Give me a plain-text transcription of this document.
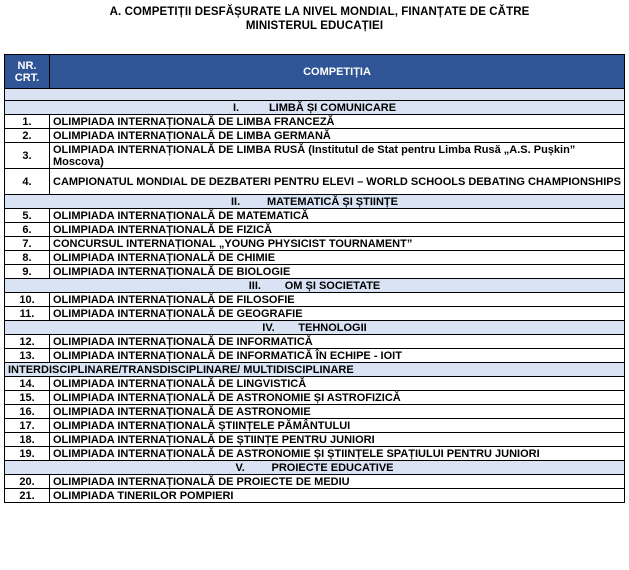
A. COMPETIȚII DESFĂȘURATE LA NIVEL MONDIAL, FINANȚATE DE CĂTRE
MINISTERUL EDUCAȚIEI
NR. CRT.	COMPETIȚIA

I. LIMBĂ ȘI COMUNICARE	
1.	OLIMPIADA INTERNAȚIONALĂ DE LIMBA FRANCEZĂ
2.	OLIMPIADA INTERNAȚIONALĂ DE LIMBA GERMANĂ
3.	OLIMPIADA INTERNAȚIONALĂ DE LIMBA RUSĂ (Institutul de Stat pentru Limba Rusă „A.S. Pușkin” Moscova)
4.	CAMPIONATUL MONDIAL DE DEZBATERI PENTRU ELEVI – WORLD SCHOOLS DEBATING CHAMPIONSHIPS
II. MATEMATICĂ ȘI ȘTIINȚE	
5.	OLIMPIADA INTERNAȚIONALĂ DE MATEMATICĂ
6.	OLIMPIADA INTERNAȚIONALĂ DE FIZICĂ
7.	CONCURSUL INTERNAȚIONAL „YOUNG PHYSICIST TOURNAMENT”
8.	OLIMPIADA INTERNAȚIONALĂ DE CHIMIE
9.	OLIMPIADA INTERNAȚIONALĂ DE BIOLOGIE
III. OM ȘI SOCIETATE	
10.	OLIMPIADA INTERNAȚIONALĂ DE FILOSOFIE
11.	OLIMPIADA INTERNAȚIONALĂ DE GEOGRAFIE
IV. TEHNOLOGII	
12.	OLIMPIADA INTERNAȚIONALĂ DE INFORMATICĂ
13.	OLIMPIADA INTERNAȚIONALĂ DE INFORMATICĂ ÎN ECHIPE - IOIT
INTERDISCIPLINARE/TRANSDISCIPLINARE/ MULTIDISCIPLINARE	
14.	OLIMPIADA INTERNAȚIONALĂ DE LINGVISTICĂ
15.	OLIMPIADA INTERNAȚIONALĂ DE ASTRONOMIE ȘI ASTROFIZICĂ
16.	OLIMPIADA INTERNAȚIONALĂ DE ASTRONOMIE
17.	OLIMPIADA INTERNAȚIONALĂ ȘTIINȚELE PĂMÂNTULUI
18.	OLIMPIADA INTERNAȚIONALĂ DE ȘTIINȚE PENTRU JUNIORI
19.	OLIMPIADA INTERNAȚIONALĂ DE ASTRONOMIE ȘI ȘTIINȚELE SPAȚIULUI PENTRU JUNIORI
V. PROIECTE EDUCATIVE	
20.	OLIMPIADA INTERNAȚIONALĂ DE PROIECTE DE MEDIU
21.	OLIMPIADA TINERILOR POMPIERI
